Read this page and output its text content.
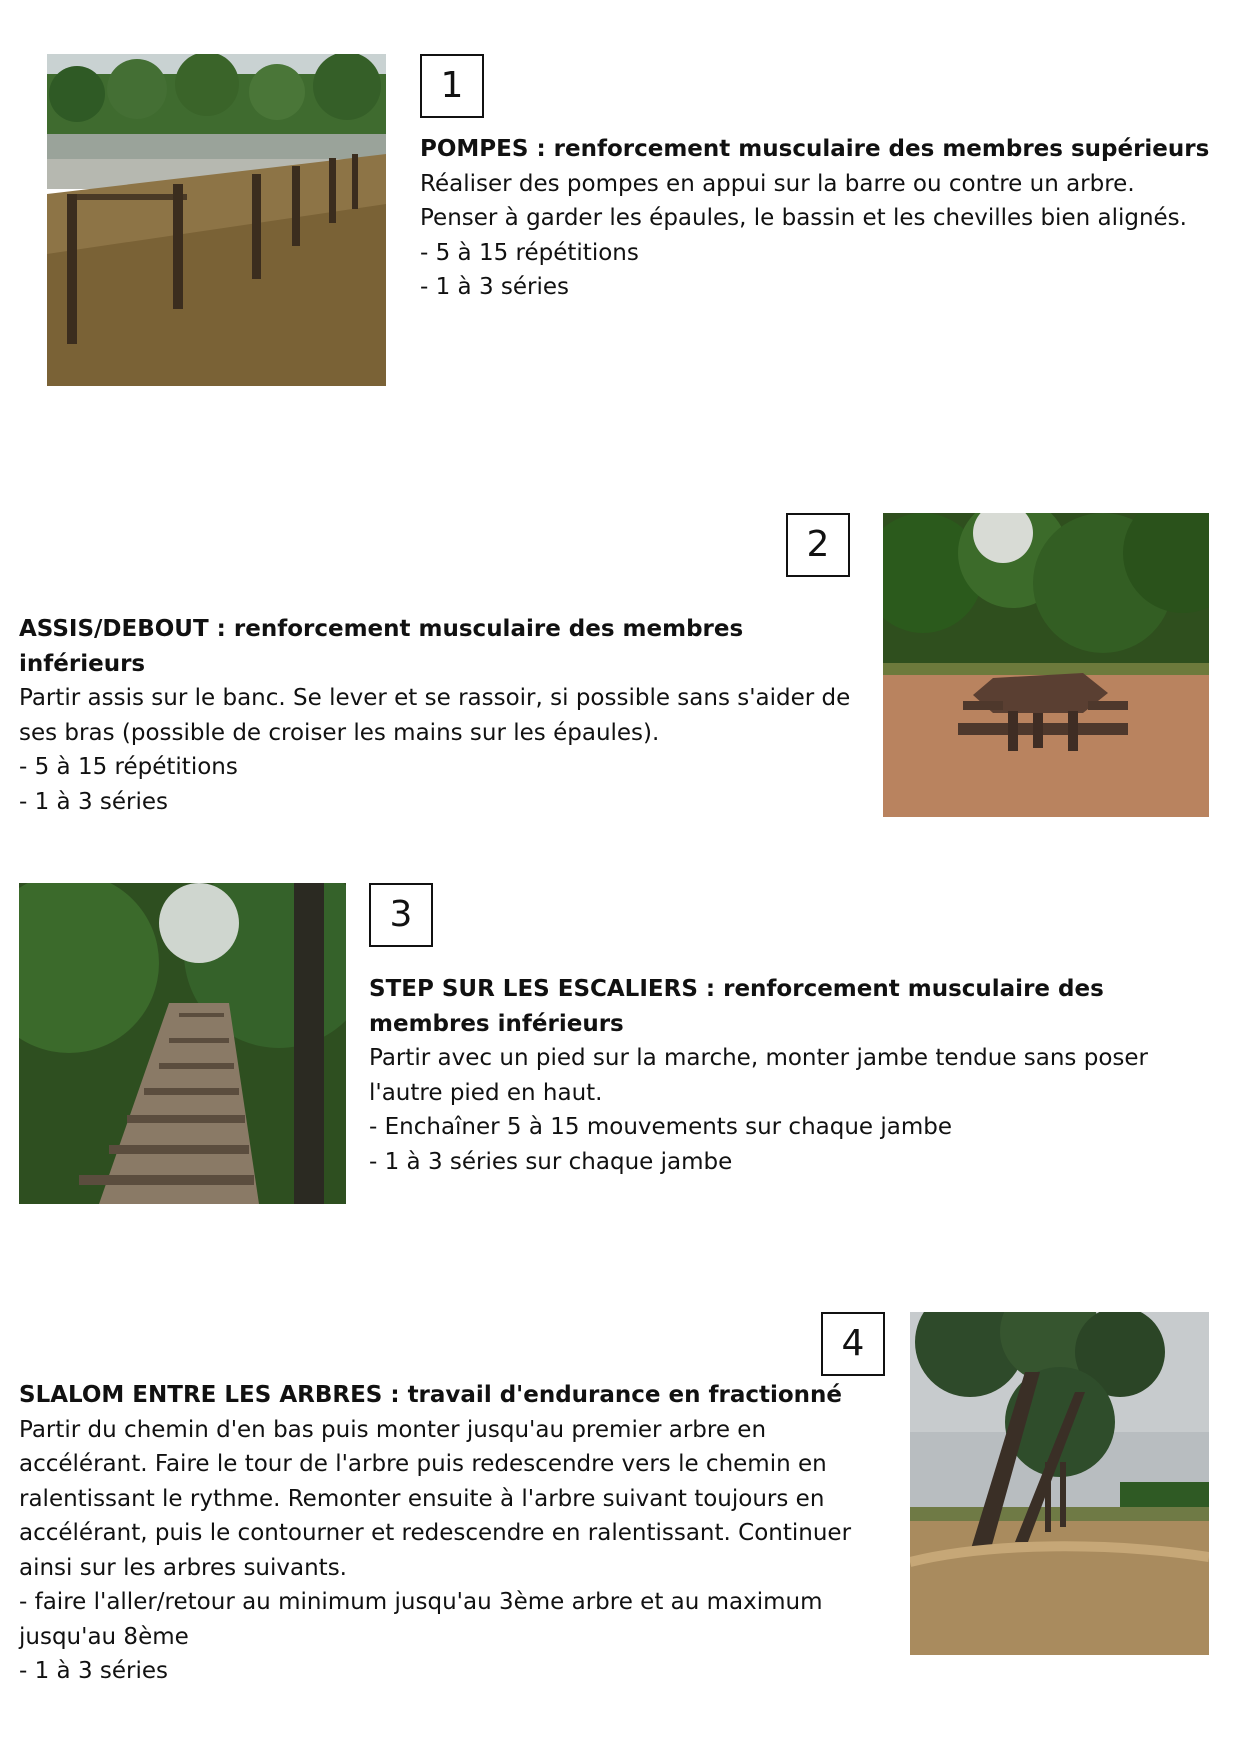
1

POMPES : renforcement musculaire des membres supérieurs

Réaliser des pompes en appui sur la barre ou contre un arbre. Penser à garder les épaules, le bassin et les chevilles bien alignés.

- 5 à 15 répétitions

- 1 à 3 séries

2

ASSIS/DEBOUT : renforcement musculaire des membres inférieurs

Partir assis sur le banc. Se lever et se rassoir, si possible sans s'aider de ses bras (possible de croiser les mains sur les épaules).

- 5 à 15 répétitions

- 1 à 3 séries

3

STEP SUR LES ESCALIERS : renforcement musculaire des membres inférieurs

Partir avec un pied sur la marche, monter jambe tendue sans poser l'autre pied en haut.

- Enchaîner 5 à 15 mouvements sur chaque jambe

- 1 à 3 séries sur chaque jambe

4

SLALOM ENTRE LES ARBRES : travail d'endurance en fractionné

Partir du chemin d'en bas puis monter jusqu'au premier arbre en accélérant. Faire le tour de l'arbre puis redescendre vers le chemin en ralentissant le rythme. Remonter ensuite à l'arbre suivant toujours en accélérant, puis le contourner et redescendre en ralentissant. Continuer ainsi sur les arbres suivants.

- faire l'aller/retour au minimum jusqu'au 3ème arbre et au maximum jusqu'au 8ème

- 1 à 3 séries
